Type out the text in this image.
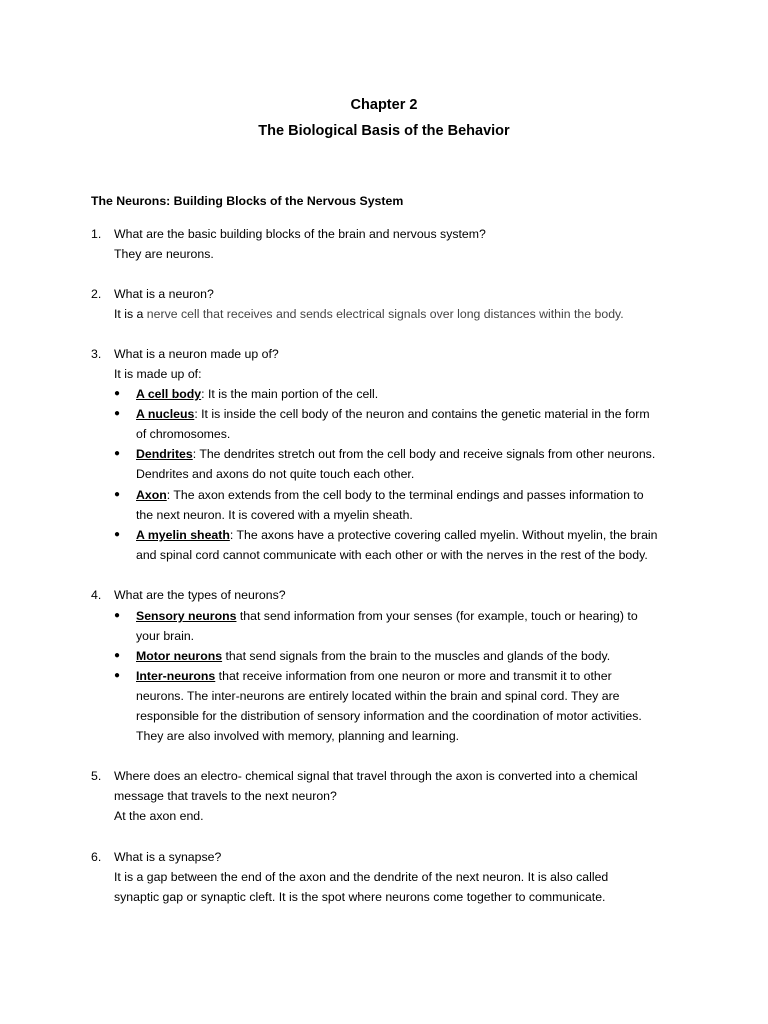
Chapter 2
The Biological Basis of the Behavior
The Neurons: Building Blocks of the Nervous System
1. What are the basic building blocks of the brain and nervous system?
They are neurons.
2. What is a neuron?
It is a nerve cell that receives and sends electrical signals over long distances within the body.
3. What is a neuron made up of?
It is made up of:
● A cell body: It is the main portion of the cell.
● A nucleus: It is inside the cell body of the neuron and contains the genetic material in the form
of chromosomes.
● Dendrites: The dendrites stretch out from the cell body and receive signals from other neurons.
Dendrites and axons do not quite touch each other.
● Axon: The axon extends from the cell body to the terminal endings and passes information to
the next neuron. It is covered with a myelin sheath.
● A myelin sheath: The axons have a protective covering called myelin. Without myelin, the brain
and spinal cord cannot communicate with each other or with the nerves in the rest of the body.
4. What are the types of neurons?
● Sensory neurons that send information from your senses (for example, touch or hearing) to
your brain.
● Motor neurons that send signals from the brain to the muscles and glands of the body.
● Inter-neurons that receive information from one neuron or more and transmit it to other
neurons. The inter-neurons are entirely located within the brain and spinal cord. They are
responsible for the distribution of sensory information and the coordination of motor activities.
They are also involved with memory, planning and learning.
5. Where does an electro- chemical signal that travel through the axon is converted into a chemical
message that travels to the next neuron?
At the axon end.
6. What is a synapse?
It is a gap between the end of the axon and the dendrite of the next neuron. It is also called
synaptic gap or synaptic cleft. It is the spot where neurons come together to communicate.
